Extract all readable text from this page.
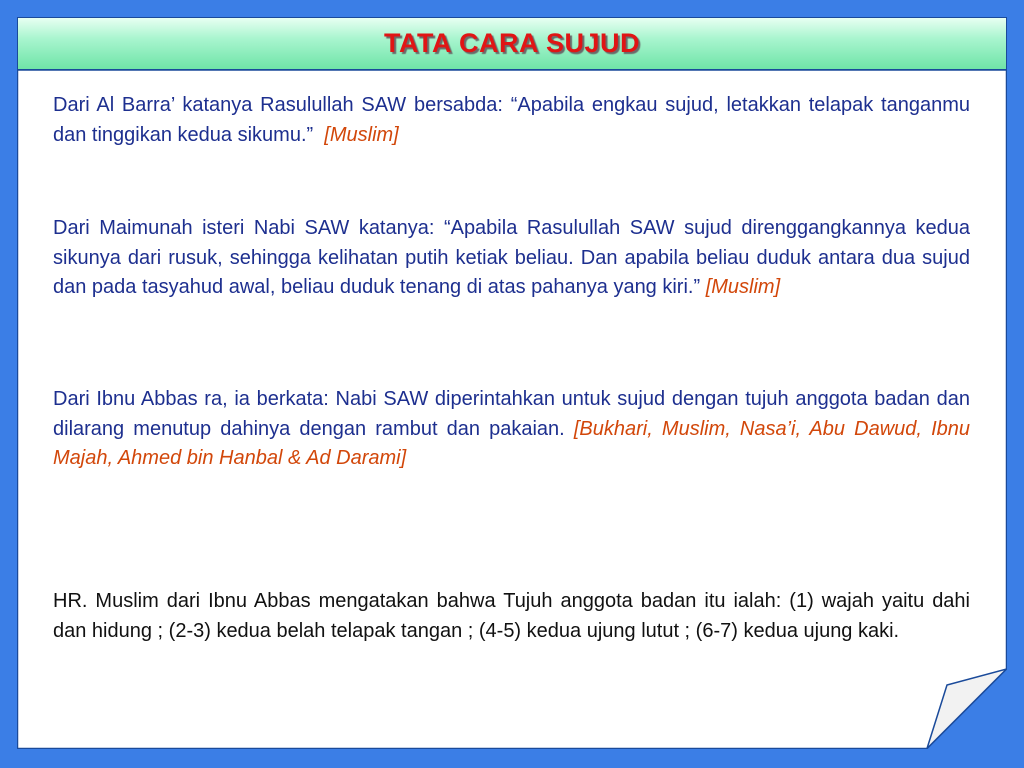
TATA CARA SUJUD

Dari Al Barra’ katanya Rasulullah SAW bersabda: “Apabila engkau sujud, letakkan telapak tanganmu dan tinggikan kedua sikumu.” [Muslim]

Dari Maimunah isteri Nabi SAW katanya: “Apabila Rasulullah SAW sujud direnggangkannya kedua sikunya dari rusuk, sehingga kelihatan putih ketiak beliau. Dan apabila beliau duduk antara dua sujud dan pada tasyahud awal, beliau duduk tenang di atas pahanya yang kiri.” [Muslim]

Dari Ibnu Abbas ra, ia berkata: Nabi SAW diperintahkan untuk sujud dengan tujuh anggota badan dan dilarang menutup dahinya dengan rambut dan pakaian. [Bukhari, Muslim, Nasa’i, Abu Dawud, Ibnu Majah, Ahmed bin Hanbal & Ad Darami]

HR. Muslim dari Ibnu Abbas mengatakan bahwa Tujuh anggota badan itu ialah: (1) wajah yaitu dahi dan hidung ; (2-3) kedua belah telapak tangan ; (4-5) kedua ujung lutut ; (6-7) kedua ujung kaki.
